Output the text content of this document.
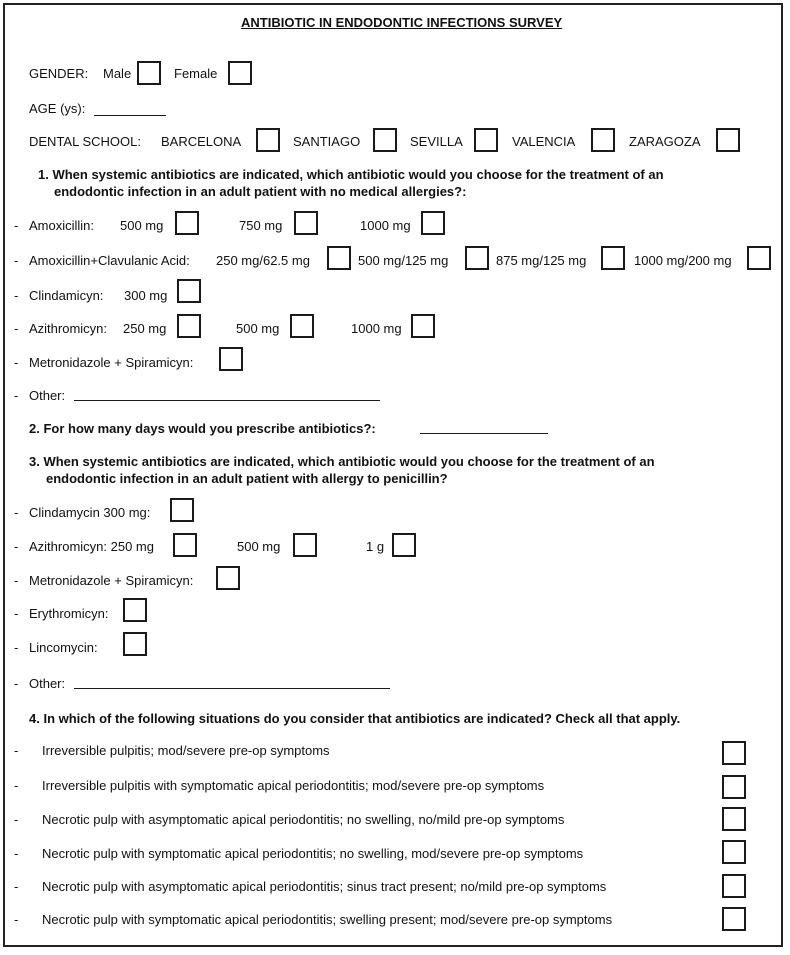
ANTIBIOTIC IN ENDODONTIC INFECTIONS SURVEY
GENDER: Male	Female
AGE (ys):
DENTAL SCHOOL: BARCELONA	SANTIAGO	SEVILLA	VALENCIA	ZARAGOZA
1. When systemic antibiotics are indicated, which antibiotic would you choose for the treatment of an
endodontic infection in an adult patient with no medical allergies?:
- Amoxicillin: 500 mg	750 mg	1000 mg
- Amoxicillin+Clavulanic Acid: 250 mg/62.5 mg	500 mg/125 mg	875 mg/125 mg	1000 mg/200 mg
- Clindamicyn: 300 mg
- Azithromicyn: 250 mg	500 mg	1000 mg
- Metronidazole + Spiramicyn:
- Other:
2. For how many days would you prescribe antibiotics?:
3. When systemic antibiotics are indicated, which antibiotic would you choose for the treatment of an
endodontic infection in an adult patient with allergy to penicillin?
- Clindamycin 300 mg:
- Azithromicyn: 250 mg	500 mg	1 g
- Metronidazole + Spiramicyn:
- Erythromicyn:
- Lincomycin:
- Other:
4. In which of the following situations do you consider that antibiotics are indicated? Check all that apply.
- Irreversible pulpitis; mod/severe pre-op symptoms
- Irreversible pulpitis with symptomatic apical periodontitis; mod/severe pre-op symptoms
- Necrotic pulp with asymptomatic apical periodontitis; no swelling, no/mild pre-op symptoms
- Necrotic pulp with symptomatic apical periodontitis; no swelling, mod/severe pre-op symptoms
- Necrotic pulp with asymptomatic apical periodontitis; sinus tract present; no/mild pre-op symptoms
- Necrotic pulp with symptomatic apical periodontitis; swelling present; mod/severe pre-op symptoms
